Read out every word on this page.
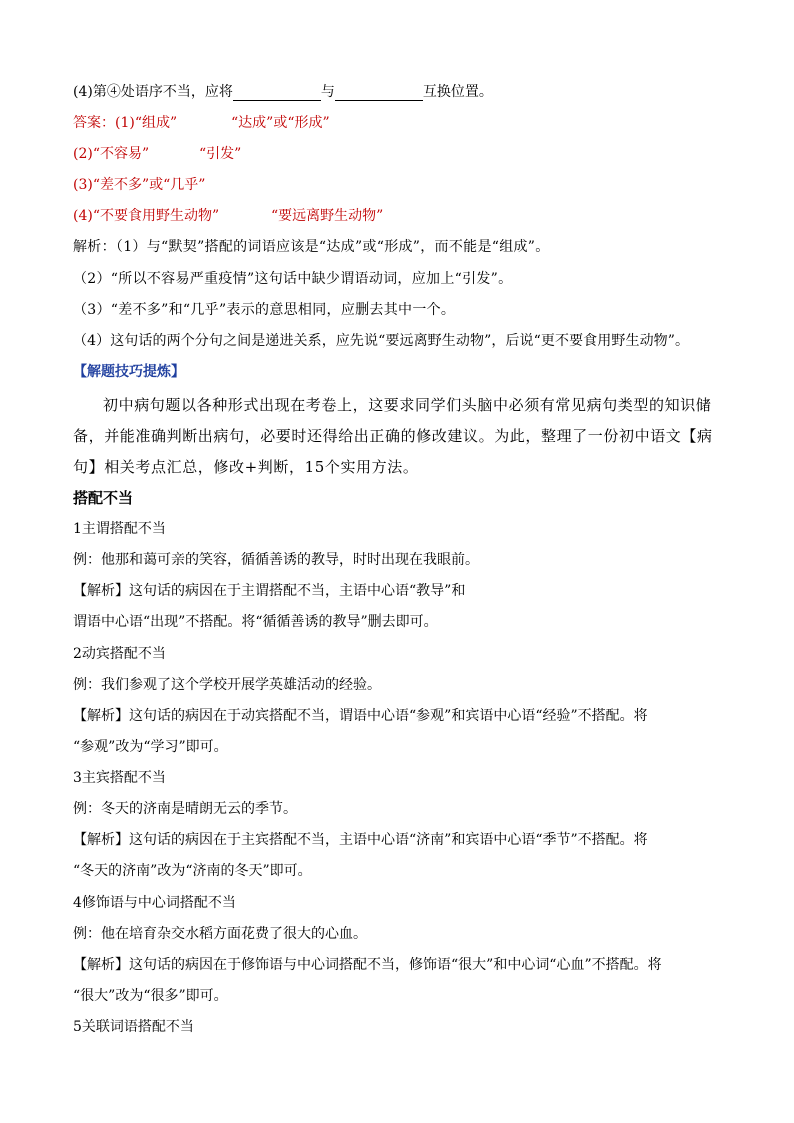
(4)第④处语序不当，应将	与	互换位置。
答案：(1)“组成”	“达成”或“形成”
(2)“不容易”	“引发”
(3)“差不多”或“几乎”
(4)“不要食用野生动物”	“要远离野生动物”
解析：（1）与“默契”搭配的词语应该是“达成”或“形成”，而不能是“组成”。
（2）“所以不容易严重疫情”这句话中缺少谓语动词，应加上“引发”。
（3）“差不多”和“几乎”表示的意思相同，应删去其中一个。
（4）这句话的两个分句之间是递进关系，应先说“要远离野生动物”，后说“更不要食用野生动物”。
【解题技巧提炼】
初中病句题以各种形式出现在考卷上，这要求同学们头脑中必须有常见病句类型的知识储备，并能准确判断出病句，必要时还得给出正确的修改建议。为此，整理了一份初中语文【病句】相关考点汇总，修改+判断，15个实用方法。
搭配不当
1主谓搭配不当
例：他那和蔼可亲的笑容，循循善诱的教导，时时出现在我眼前。
【解析】这句话的病因在于主谓搭配不当，主语中心语“教导”和
谓语中心语“出现”不搭配。将“循循善诱的教导”删去即可。
2动宾搭配不当
例：我们参观了这个学校开展学英雄活动的经验。
【解析】这句话的病因在于动宾搭配不当，谓语中心语“参观”和宾语中心语“经验”不搭配。将
“参观”改为“学习”即可。
3主宾搭配不当
例：冬天的济南是晴朗无云的季节。
【解析】这句话的病因在于主宾搭配不当，主语中心语“济南”和宾语中心语“季节”不搭配。将
“冬天的济南”改为“济南的冬天”即可。
4修饰语与中心词搭配不当
例：他在培育杂交水稻方面花费了很大的心血。
【解析】这句话的病因在于修饰语与中心词搭配不当，修饰语“很大”和中心词“心血”不搭配。将
“很大”改为“很多”即可。
5关联词语搭配不当
